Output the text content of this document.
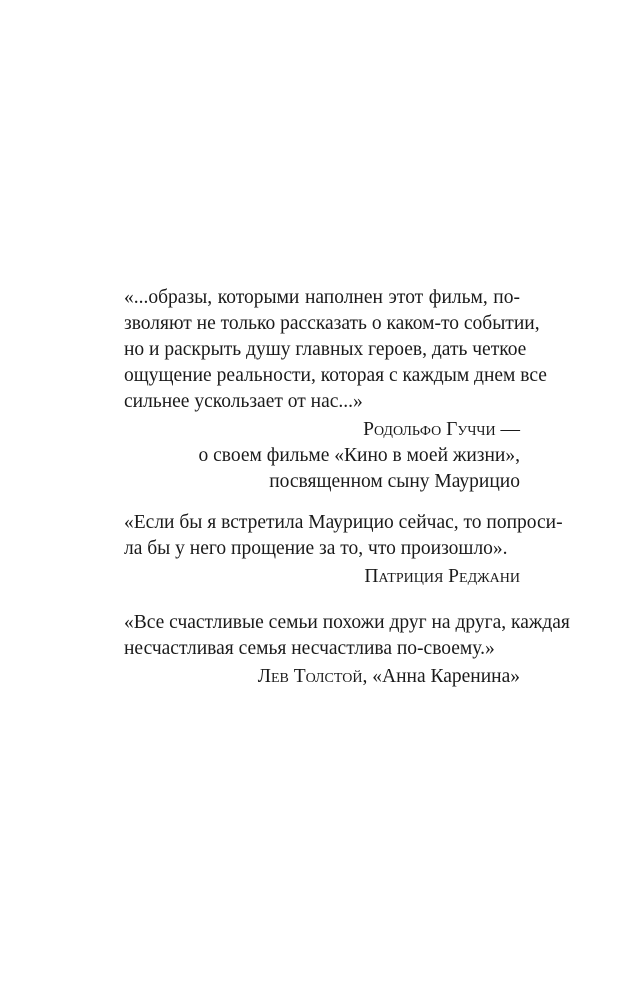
«...образы, которыми наполнен этот фильм, по-
зволяют не только рассказать о каком-то событии,
но и раскрыть душу главных героев, дать четкое
ощущение реальности, которая с каждым днем все
сильнее ускользает от нас...»
Родольфо Гуччи —
о своем фильме «Кино в моей жизни»,
посвященном сыну Маурицио
«Если бы я встретила Маурицио сейчас, то попроси-
ла бы у него прощение за то, что произошло».
Патриция Реджани
«Все счастливые семьи похожи друг на друга, каждая
несчастливая семья несчастлива по-своему.»
Лев Толстой, «Анна Каренина»
